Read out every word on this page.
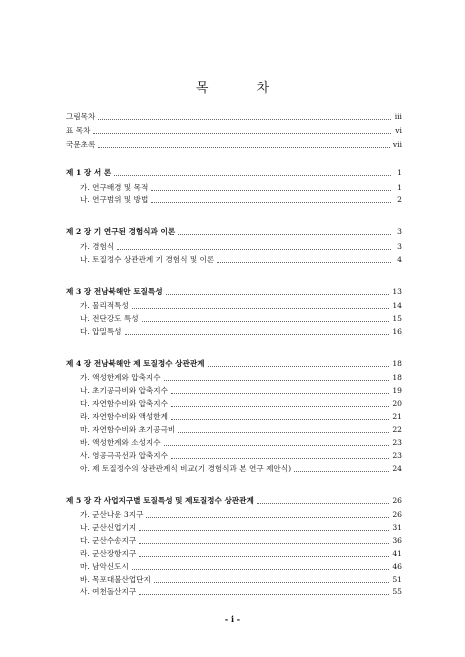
목 차
그림목차	iii
표 목차	ⅵ
국문초록	ⅶ
제 1 장 서 론	1
가. 연구배경 및 목적	1
나. 연구범위 및 방법	2
제 2 장 기 연구된 경험식과 이론	3
가. 경험식	3
나. 토질정수 상관관계 기 경험식 및 이론	4
제 3 장 전남북해안 토질특성	13
가. 물리적특성	14
나. 전단강도 특성	15
다. 압밀특성	16
제 4 장 전남북해안 제 토질정수 상관관계	18
가. 액성한계와 압축지수	18
나. 초기공극비와 압축지수	19
다. 자연함수비와 압축지수	20
라. 자연함수비와 액성한계	21
마. 자연함수비와 초기공극비	22
바. 액성한계와 소성지수	23
사. 영공극곡선과 압축지수	23
아. 제 토질정수의 상관관계식 비교(기 경험식과 본 연구 제안식)	24
제 5 장 각 사업지구별 토질특성 및 제토질정수 상관관계	26
가. 군산나운 3지구	26
나. 군산신업기지	31
다. 군산수송지구	36
라. 군산장항지구	41
마. 남악신도시	46
바. 목포대불산업단지	51
사. 여천돌산지구	55
- i -
